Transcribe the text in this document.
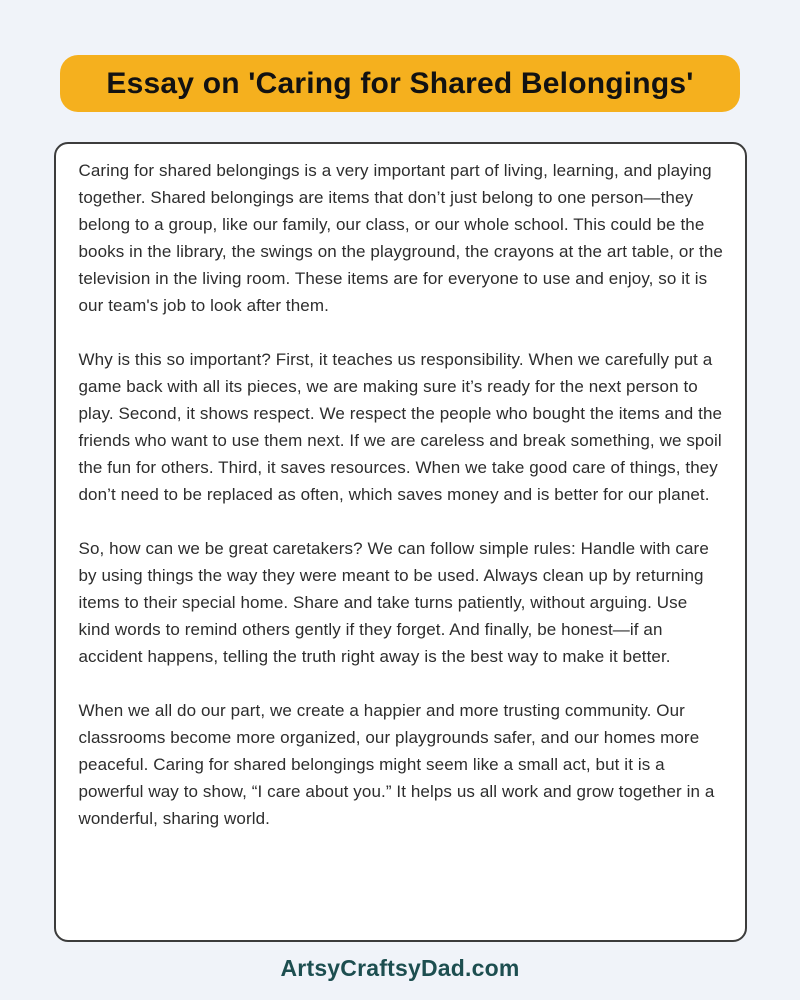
Essay on 'Caring for Shared Belongings'

Caring for shared belongings is a very important part of living, learning, and playing together. Shared belongings are items that don’t just belong to one person—they belong to a group, like our family, our class, or our whole school. This could be the books in the library, the swings on the playground, the crayons at the art table, or the television in the living room. These items are for everyone to use and enjoy, so it is our team's job to look after them.

Why is this so important? First, it teaches us responsibility. When we carefully put a game back with all its pieces, we are making sure it’s ready for the next person to play. Second, it shows respect. We respect the people who bought the items and the friends who want to use them next. If we are careless and break something, we spoil the fun for others. Third, it saves resources. When we take good care of things, they don’t need to be replaced as often, which saves money and is better for our planet.

So, how can we be great caretakers? We can follow simple rules: Handle with care by using things the way they were meant to be used. Always clean up by returning items to their special home. Share and take turns patiently, without arguing. Use kind words to remind others gently if they forget. And finally, be honest—if an accident happens, telling the truth right away is the best way to make it better.

When we all do our part, we create a happier and more trusting community. Our classrooms become more organized, our playgrounds safer, and our homes more peaceful. Caring for shared belongings might seem like a small act, but it is a powerful way to show, “I care about you.” It helps us all work and grow together in a wonderful, sharing world.

ArtsyCraftsyDad.com
